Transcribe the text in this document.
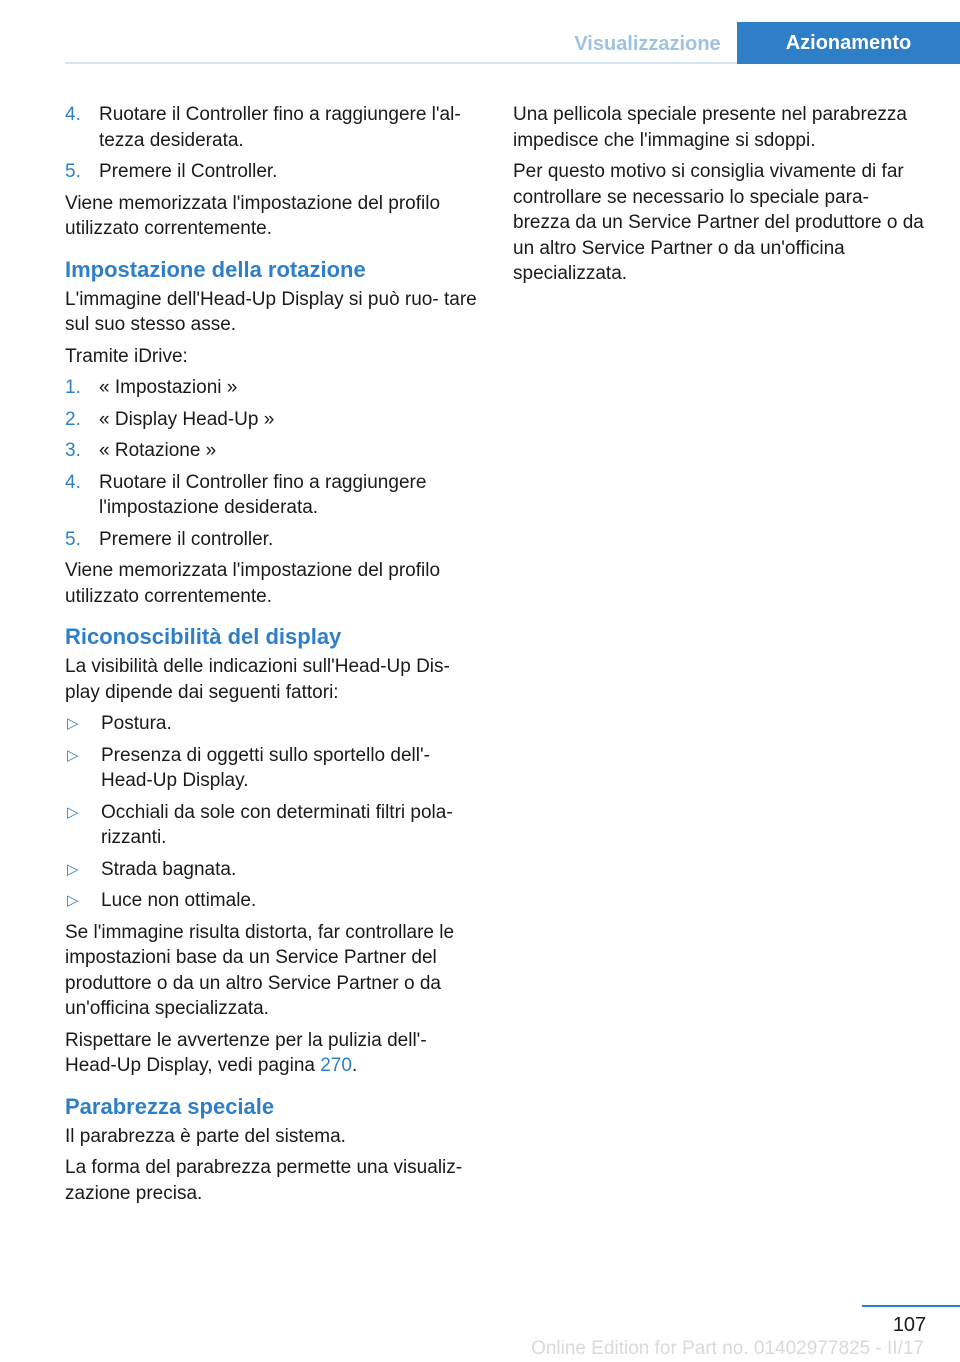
Visualizzazione	Azionamento
4. Ruotare il Controller fino a raggiungere l'al‐ tezza desiderata.
5. Premere il Controller.

Viene memorizzata l'impostazione del profilo utilizzato correntemente.

Impostazione della rotazione

L'immagine dell'Head-Up Display si può ruo‐ tare sul suo stesso asse.

Tramite iDrive:

1. « Impostazioni »
2. « Display Head-Up »
3. « Rotazione »
4. Ruotare il Controller fino a raggiungere l'impostazione desiderata.
5. Premere il controller.

Viene memorizzata l'impostazione del profilo utilizzato correntemente.

Riconoscibilità del display

La visibilità delle indicazioni sull'Head-Up Dis‐ play dipende dai seguenti fattori:

▷	Postura.
▷	Presenza di oggetti sullo sportello dell'‐ Head-Up Display.
▷	Occhiali da sole con determinati filtri pola‐ rizzanti.
▷	Strada bagnata.
▷	Luce non ottimale.

Se l'immagine risulta distorta, far controllare le impostazioni base da un Service Partner del produttore o da un altro Service Partner o da un'officina specializzata.

Rispettare le avvertenze per la pulizia dell'‐ Head-Up Display, vedi pagina 270.

Parabrezza speciale

Il parabrezza è parte del sistema.

La forma del parabrezza permette una visualiz‐ zazione precisa.

Una pellicola speciale presente nel parabrezza impedisce che l'immagine si sdoppi.

Per questo motivo si consiglia vivamente di far controllare se necessario lo speciale para‐ brezza da un Service Partner del produttore o da un altro Service Partner o da un'officina specializzata.

107
Online Edition for Part no. 01402977825 - II/17
